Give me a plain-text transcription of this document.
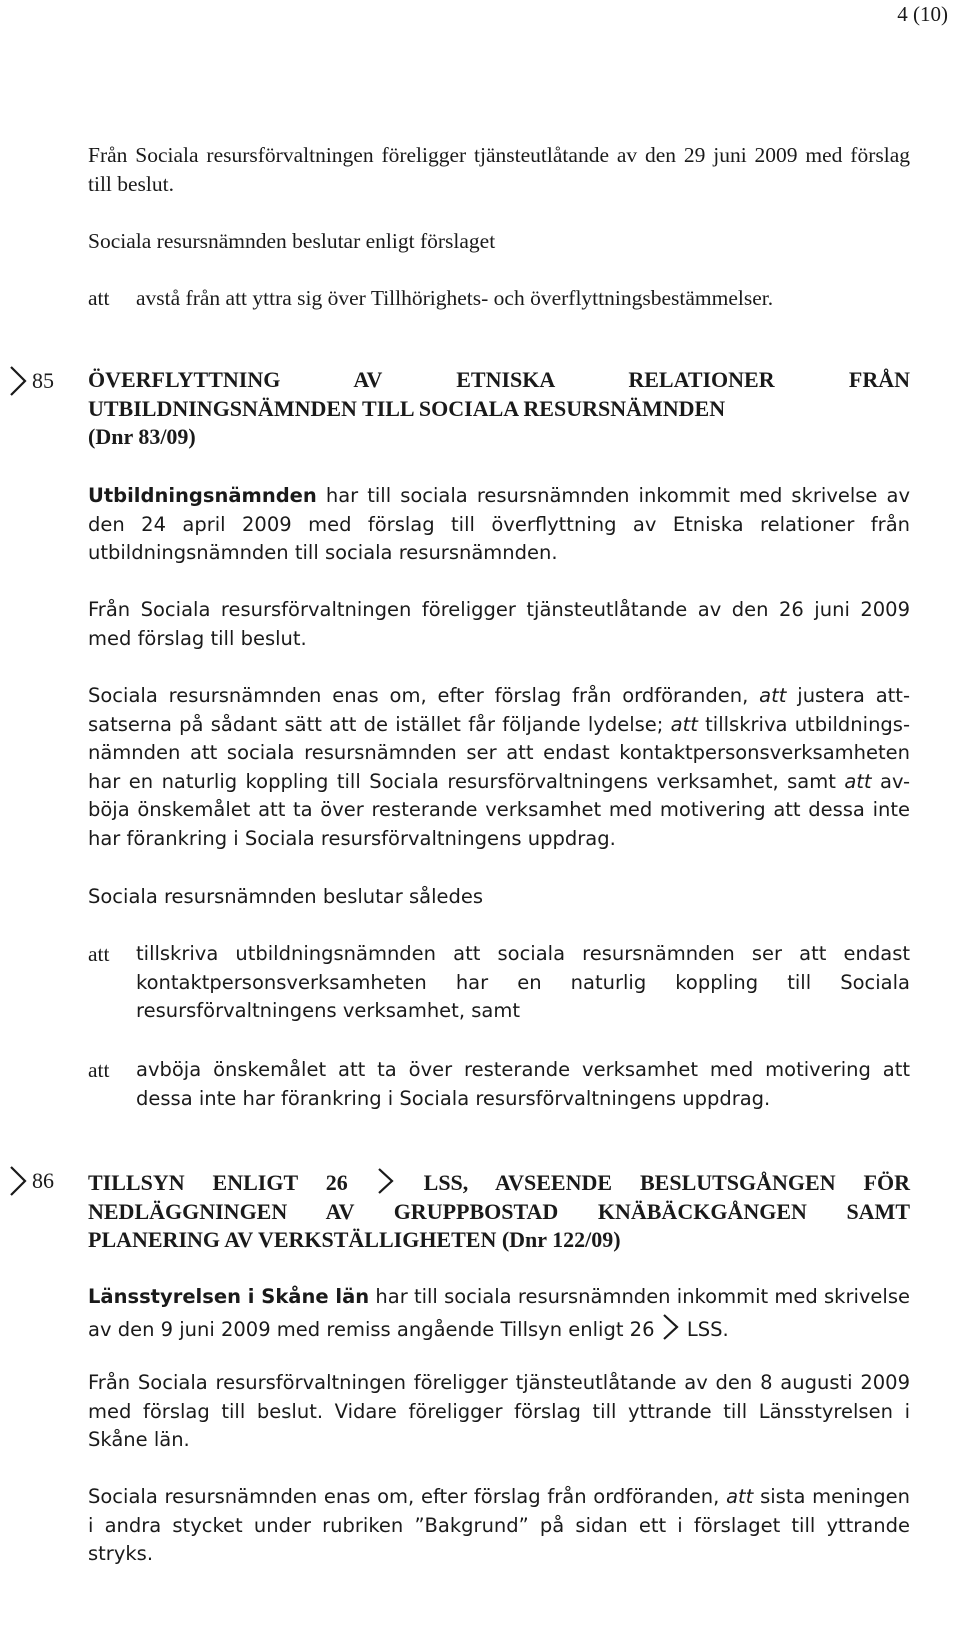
4 (10)

Från Sociala resursförvaltningen föreligger tjänsteutlåtande av den 29 juni 2009 med förslag till beslut.

Sociala resursnämnden beslutar enligt förslaget

att avstå från att yttra sig över Tillhörighets- och överflyttningsbestämmelser.

85 ÖVERFLYTTNING AV ETNISKA RELATIONER FRÅN
UTBILDNINGSNÄMNDEN TILL SOCIALA RESURSNÄMNDEN
(Dnr 83/09)

Utbildningsnämnden har till sociala resursnämnden inkommit med skrivelse av den 24 april 2009 med förslag till överflyttning av Etniska relationer från utbildningsnämnden till sociala resursnämnden.

Från Sociala resursförvaltningen föreligger tjänsteutlåtande av den 26 juni 2009 med förslag till beslut.

Sociala resursnämnden enas om, efter förslag från ordföranden, att justera att-satserna på sådant sätt att de istället får följande lydelse; att tillskriva utbildnings-nämnden att sociala resursnämnden ser att endast kontaktpersonsverksamheten har en naturlig koppling till Sociala resursförvaltningens verksamhet, samt att av-böja önskemålet att ta över resterande verksamhet med motivering att dessa inte har förankring i Sociala resursförvaltningens uppdrag.

Sociala resursnämnden beslutar således

att tillskriva utbildningsnämnden att sociala resursnämnden ser att endast kontaktpersonsverksamheten har en naturlig koppling till Sociala resursförvaltningens verksamhet, samt

att avböja önskemålet att ta över resterande verksamhet med motivering att dessa inte har förankring i Sociala resursförvaltningens uppdrag.

86 TILLSYN ENLIGT 26  LSS, AVSEENDE BESLUTSGÅNGEN FÖR
NEDLÄGGNINGEN AV GRUPPBOSTAD KNÄBÄCKGÅNGEN SAMT
PLANERING AV VERKSTÄLLIGHETEN (Dnr 122/09)

Länsstyrelsen i Skåne län har till sociala resursnämnden inkommit med skrivelse av den 9 juni 2009 med remiss angående Tillsyn enligt 26  LSS.

Från Sociala resursförvaltningen föreligger tjänsteutlåtande av den 8 augusti 2009 med förslag till beslut. Vidare föreligger förslag till yttrande till Länsstyrelsen i Skåne län.

Sociala resursnämnden enas om, efter förslag från ordföranden, att sista meningen i andra stycket under rubriken ”Bakgrund” på sidan ett i förslaget till yttrande stryks.
